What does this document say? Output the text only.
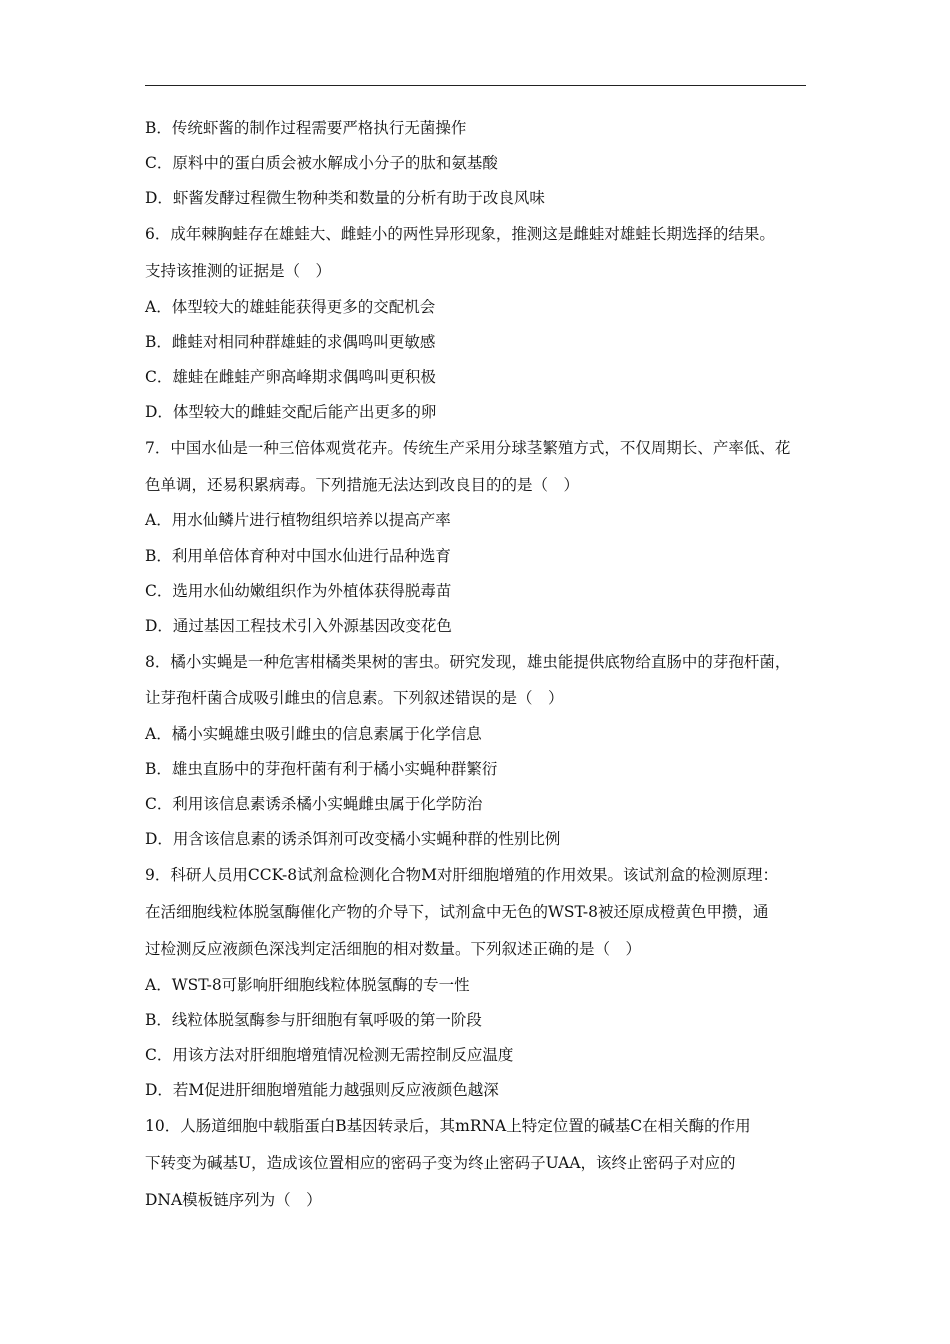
B．传统虾酱的制作过程需要严格执行无菌操作
C．原料中的蛋白质会被水解成小分子的肽和氨基酸
D．虾酱发酵过程微生物种类和数量的分析有助于改良风味
6．成年棘胸蛙存在雄蛙大、雌蛙小的两性异形现象，推测这是雌蛙对雄蛙长期选择的结果。
支持该推测的证据是（　）
A．体型较大的雄蛙能获得更多的交配机会
B．雌蛙对相同种群雄蛙的求偶鸣叫更敏感
C．雄蛙在雌蛙产卵高峰期求偶鸣叫更积极
D．体型较大的雌蛙交配后能产出更多的卵
7．中国水仙是一种三倍体观赏花卉。传统生产采用分球茎繁殖方式，不仅周期长、产率低、花
色单调，还易积累病毒。下列措施无法达到改良目的的是（　）
A．用水仙鳞片进行植物组织培养以提高产率
B．利用单倍体育种对中国水仙进行品种选育
C．选用水仙幼嫩组织作为外植体获得脱毒苗
D．通过基因工程技术引入外源基因改变花色
8．橘小实蝇是一种危害柑橘类果树的害虫。研究发现，雄虫能提供底物给直肠中的芽孢杆菌，
让芽孢杆菌合成吸引雌虫的信息素。下列叙述错误的是（　）
A．橘小实蝇雄虫吸引雌虫的信息素属于化学信息
B．雄虫直肠中的芽孢杆菌有利于橘小实蝇种群繁衍
C．利用该信息素诱杀橘小实蝇雌虫属于化学防治
D．用含该信息素的诱杀饵剂可改变橘小实蝇种群的性别比例
9．科研人员用CCK-8试剂盒检测化合物M对肝细胞增殖的作用效果。该试剂盒的检测原理：
在活细胞线粒体脱氢酶催化产物的介导下，试剂盒中无色的WST-8被还原成橙黄色甲攒，通
过检测反应液颜色深浅判定活细胞的相对数量。下列叙述正确的是（　）
A．WST-8可影响肝细胞线粒体脱氢酶的专一性
B．线粒体脱氢酶参与肝细胞有氧呼吸的第一阶段
C．用该方法对肝细胞增殖情况检测无需控制反应温度
D．若M促进肝细胞增殖能力越强则反应液颜色越深
10．人肠道细胞中载脂蛋白B基因转录后，其mRNA上特定位置的碱基C在相关酶的作用
下转变为碱基U，造成该位置相应的密码子变为终止密码子UAA，该终止密码子对应的
DNA模板链序列为（　）
